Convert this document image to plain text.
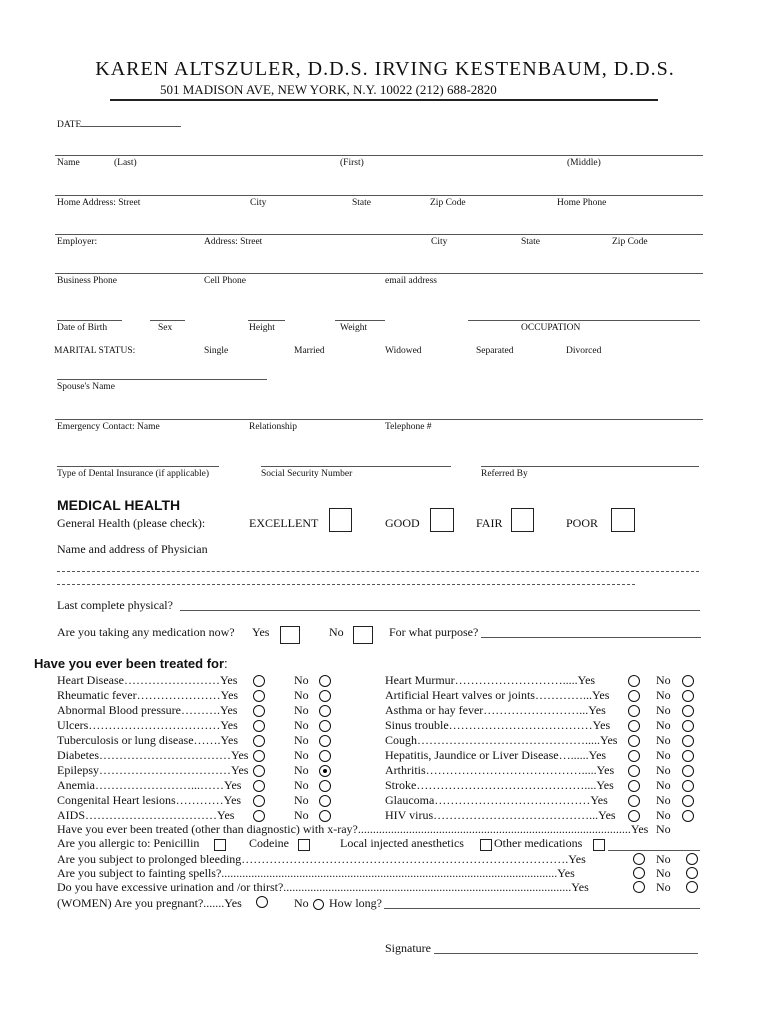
KAREN ALTSZULER, D.D.S. IRVING KESTENBAUM, D.D.S.
501 MADISON AVE, NEW YORK, N.Y. 10022 (212) 688-2820
DATE
Name	(Last)	(First)	(Middle)
Home Address: Street	City	State	Zip Code	Home Phone
Employer:	Address: Street	City	State	Zip Code
Business Phone	Cell Phone	email address
Date of Birth	Sex	Height	Weight	OCCUPATION
MARITAL STATUS:	Single	Married	Widowed	Separated	Divorced
Spouse's Name
Emergency Contact: Name	Relationship	Telephone #
Type of Dental Insurance (if applicable)	Social Security Number	Referred By
MEDICAL HEALTH
General Health (please check):	EXCELLENT	GOOD	FAIR	POOR
Name and address of Physician
Last complete physical?
Are you taking any medication now? Yes	No	For what purpose?
Have you ever been treated for:
Heart Disease……………………Yes	No
Rheumatic fever…………………Yes	No
Abnormal Blood pressure……….Yes	No
Ulcers……………………………Yes	No
Tuberculosis or lung disease…….Yes	No
Diabetes……………………………Yes	No
Epilepsy……………………………Yes	No
Anemia……………………...……Yes	No
Congenital Heart lesions…………Yes	No
AIDS……………………………Yes	No
Heart Murmur……………………….....Yes	No
Artificial Heart valves or joints…………...Yes	No
Asthma or hay fever……………………...Yes	No
Sinus trouble………………………………Yes	No
Cough…………………………………….....Yes	No
Hepatitis, Jaundice or Liver Disease…......Yes	No
Arthritis………………………………….....Yes	No
Stroke……………………………………....Yes	No
Glaucoma…………………………………Yes	No
HIV virus…………………………………...Yes	No
Have you ever been treated (other than diagnostic) with x-ray?...........................................................................................Yes No
Are you allergic to: Penicillin	Codeine	Local injected anesthetics	Other medications
Are you subject to prolonged bleeding……………………………………………………………………….Yes	No
Are you subject to fainting spells?................................................................................................................Yes	No
Do you have excessive urination and /or thirst?................................................................................................Yes	No
(WOMEN) Are you pregnant?.......Yes	No How long?
Signature
